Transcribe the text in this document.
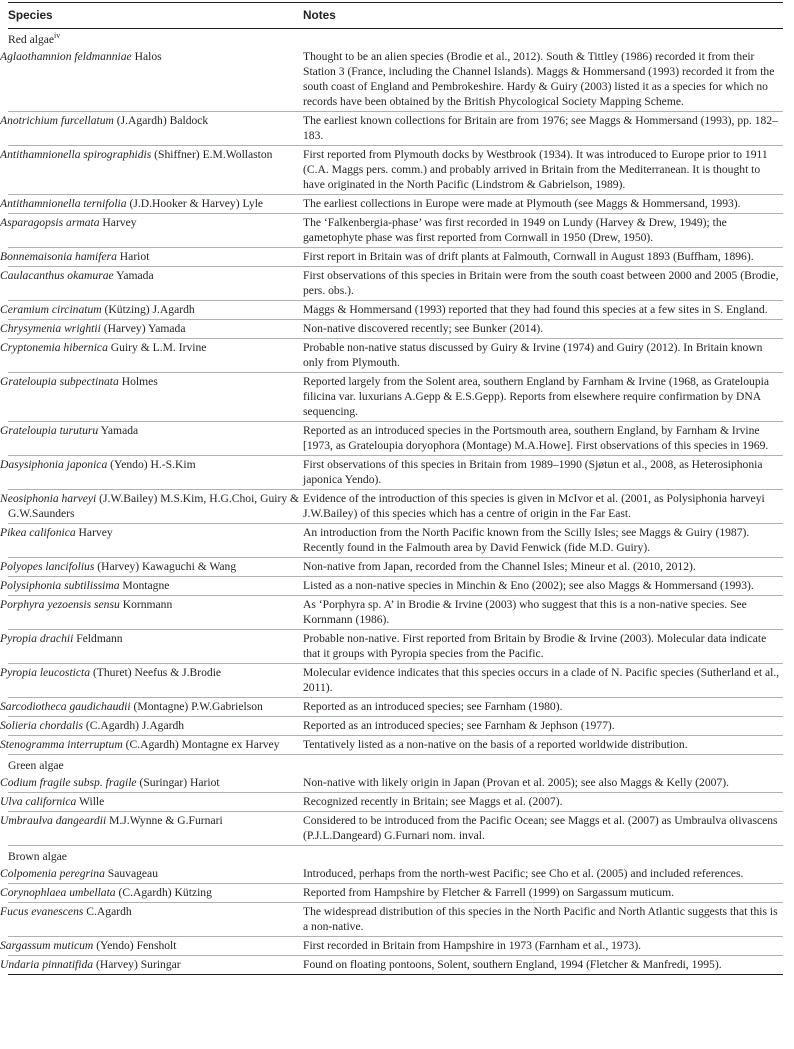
Species	Notes
Red algae$^{iv}$
Aglaothamnion feldmanniae Halos	Thought to be an alien species (Brodie et al., 2012). South & Tittley (1986) recorded it from their Station 3 (France, including the Channel Islands). Maggs & Hommersand (1993) recorded it from the south coast of England and Pembrokeshire. Hardy & Guiry (2003) listed it as a species for which no records have been obtained by the British Phycological Society Mapping Scheme.
Anotrichium furcellatum (J.Agardh) Baldock	The earliest known collections for Britain are from 1976; see Maggs & Hommersand (1993), pp. 182–183.
Antithamnionella spirographidis (Shiffner) E.M.Wollaston	First reported from Plymouth docks by Westbrook (1934). It was introduced to Europe prior to 1911 (C.A. Maggs pers. comm.) and probably arrived in Britain from the Mediterranean. It is thought to have originated in the North Pacific (Lindstrom & Gabrielson, 1989).
Antithamnionella ternifolia (J.D.Hooker & Harvey) Lyle	The earliest collections in Europe were made at Plymouth (see Maggs & Hommersand, 1993).
Asparagopsis armata Harvey	The ‘Falkenbergia-phase’ was first recorded in 1949 on Lundy (Harvey & Drew, 1949); the gametophyte phase was first reported from Cornwall in 1950 (Drew, 1950).
Bonnemaisonia hamifera Hariot	First report in Britain was of drift plants at Falmouth, Cornwall in August 1893 (Buffham, 1896).
Caulacanthus okamurae Yamada	First observations of this species in Britain were from the south coast between 2000 and 2005 (Brodie, pers. obs.).
Ceramium circinatum (Kützing) J.Agardh	Maggs & Hommersand (1993) reported that they had found this species at a few sites in S. England.
Chrysymenia wrightii (Harvey) Yamada	Non-native discovered recently; see Bunker (2014).
Cryptonemia hibernica Guiry & L.M. Irvine	Probable non-native status discussed by Guiry & Irvine (1974) and Guiry (2012). In Britain known only from Plymouth.
Grateloupia subpectinata Holmes	Reported largely from the Solent area, southern England by Farnham & Irvine (1968, as Grateloupia filicina var. luxurians A.Gepp & E.S.Gepp). Reports from elsewhere require confirmation by DNA sequencing.
Grateloupia turuturu Yamada	Reported as an introduced species in the Portsmouth area, southern England, by Farnham & Irvine [1973, as Grateloupia doryophora (Montage) M.A.Howe]. First observations of this species in 1969.
Dasysiphonia japonica (Yendo) H.-S.Kim	First observations of this species in Britain from 1989–1990 (Sjøtun et al., 2008, as Heterosiphonia japonica Yendo).
Neosiphonia harveyi (J.W.Bailey) M.S.Kim, H.G.Choi, Guiry & G.W.Saunders	Evidence of the introduction of this species is given in McIvor et al. (2001, as Polysiphonia harveyi J.W.Bailey) of this species which has a centre of origin in the Far East.
Pikea califonica Harvey	An introduction from the North Pacific known from the Scilly Isles; see Maggs & Guiry (1987). Recently found in the Falmouth area by David Fenwick (fide M.D. Guiry).
Polyopes lancifolius (Harvey) Kawaguchi & Wang	Non-native from Japan, recorded from the Channel Isles; Mineur et al. (2010, 2012).
Polysiphonia subtilissima Montagne	Listed as a non-native species in Minchin & Eno (2002); see also Maggs & Hommersand (1993).
Porphyra yezoensis sensu Kornmann	As ‘Porphyra sp. A’ in Brodie & Irvine (2003) who suggest that this is a non-native species. See Kornmann (1986).
Pyropia drachii Feldmann	Probable non-native. First reported from Britain by Brodie & Irvine (2003). Molecular data indicate that it groups with Pyropia species from the Pacific.
Pyropia leucosticta (Thuret) Neefus & J.Brodie	Molecular evidence indicates that this species occurs in a clade of N. Pacific species (Sutherland et al., 2011).
Sarcodiotheca gaudichaudii (Montagne) P.W.Gabrielson	Reported as an introduced species; see Farnham (1980).
Solieria chordalis (C.Agardh) J.Agardh	Reported as an introduced species; see Farnham & Jephson (1977).
Stenogramma interruptum (C.Agardh) Montagne ex Harvey	Tentatively listed as a non-native on the basis of a reported worldwide distribution.
Green algae	
Codium fragile subsp. fragile (Suringar) Hariot	Non-native with likely origin in Japan (Provan et al. 2005); see also Maggs & Kelly (2007).
Ulva californica Wille	Recognized recently in Britain; see Maggs et al. (2007).
Umbraulva dangeardii M.J.Wynne & G.Furnari	Considered to be introduced from the Pacific Ocean; see Maggs et al. (2007) as Umbraulva olivascens (P.J.L.Dangeard) G.Furnari nom. inval.
Brown algae	
Colpomenia peregrina Sauvageau	Introduced, perhaps from the north-west Pacific; see Cho et al. (2005) and included references.
Corynophlaea umbellata (C.Agardh) Kützing	Reported from Hampshire by Fletcher & Farrell (1999) on Sargassum muticum.
Fucus evanescens C.Agardh	The widespread distribution of this species in the North Pacific and North Atlantic suggests that this is a non-native.
Sargassum muticum (Yendo) Fensholt	First recorded in Britain from Hampshire in 1973 (Farnham et al., 1973).
Undaria pinnatifida (Harvey) Suringar	Found on floating pontoons, Solent, southern England, 1994 (Fletcher & Manfredi, 1995).
